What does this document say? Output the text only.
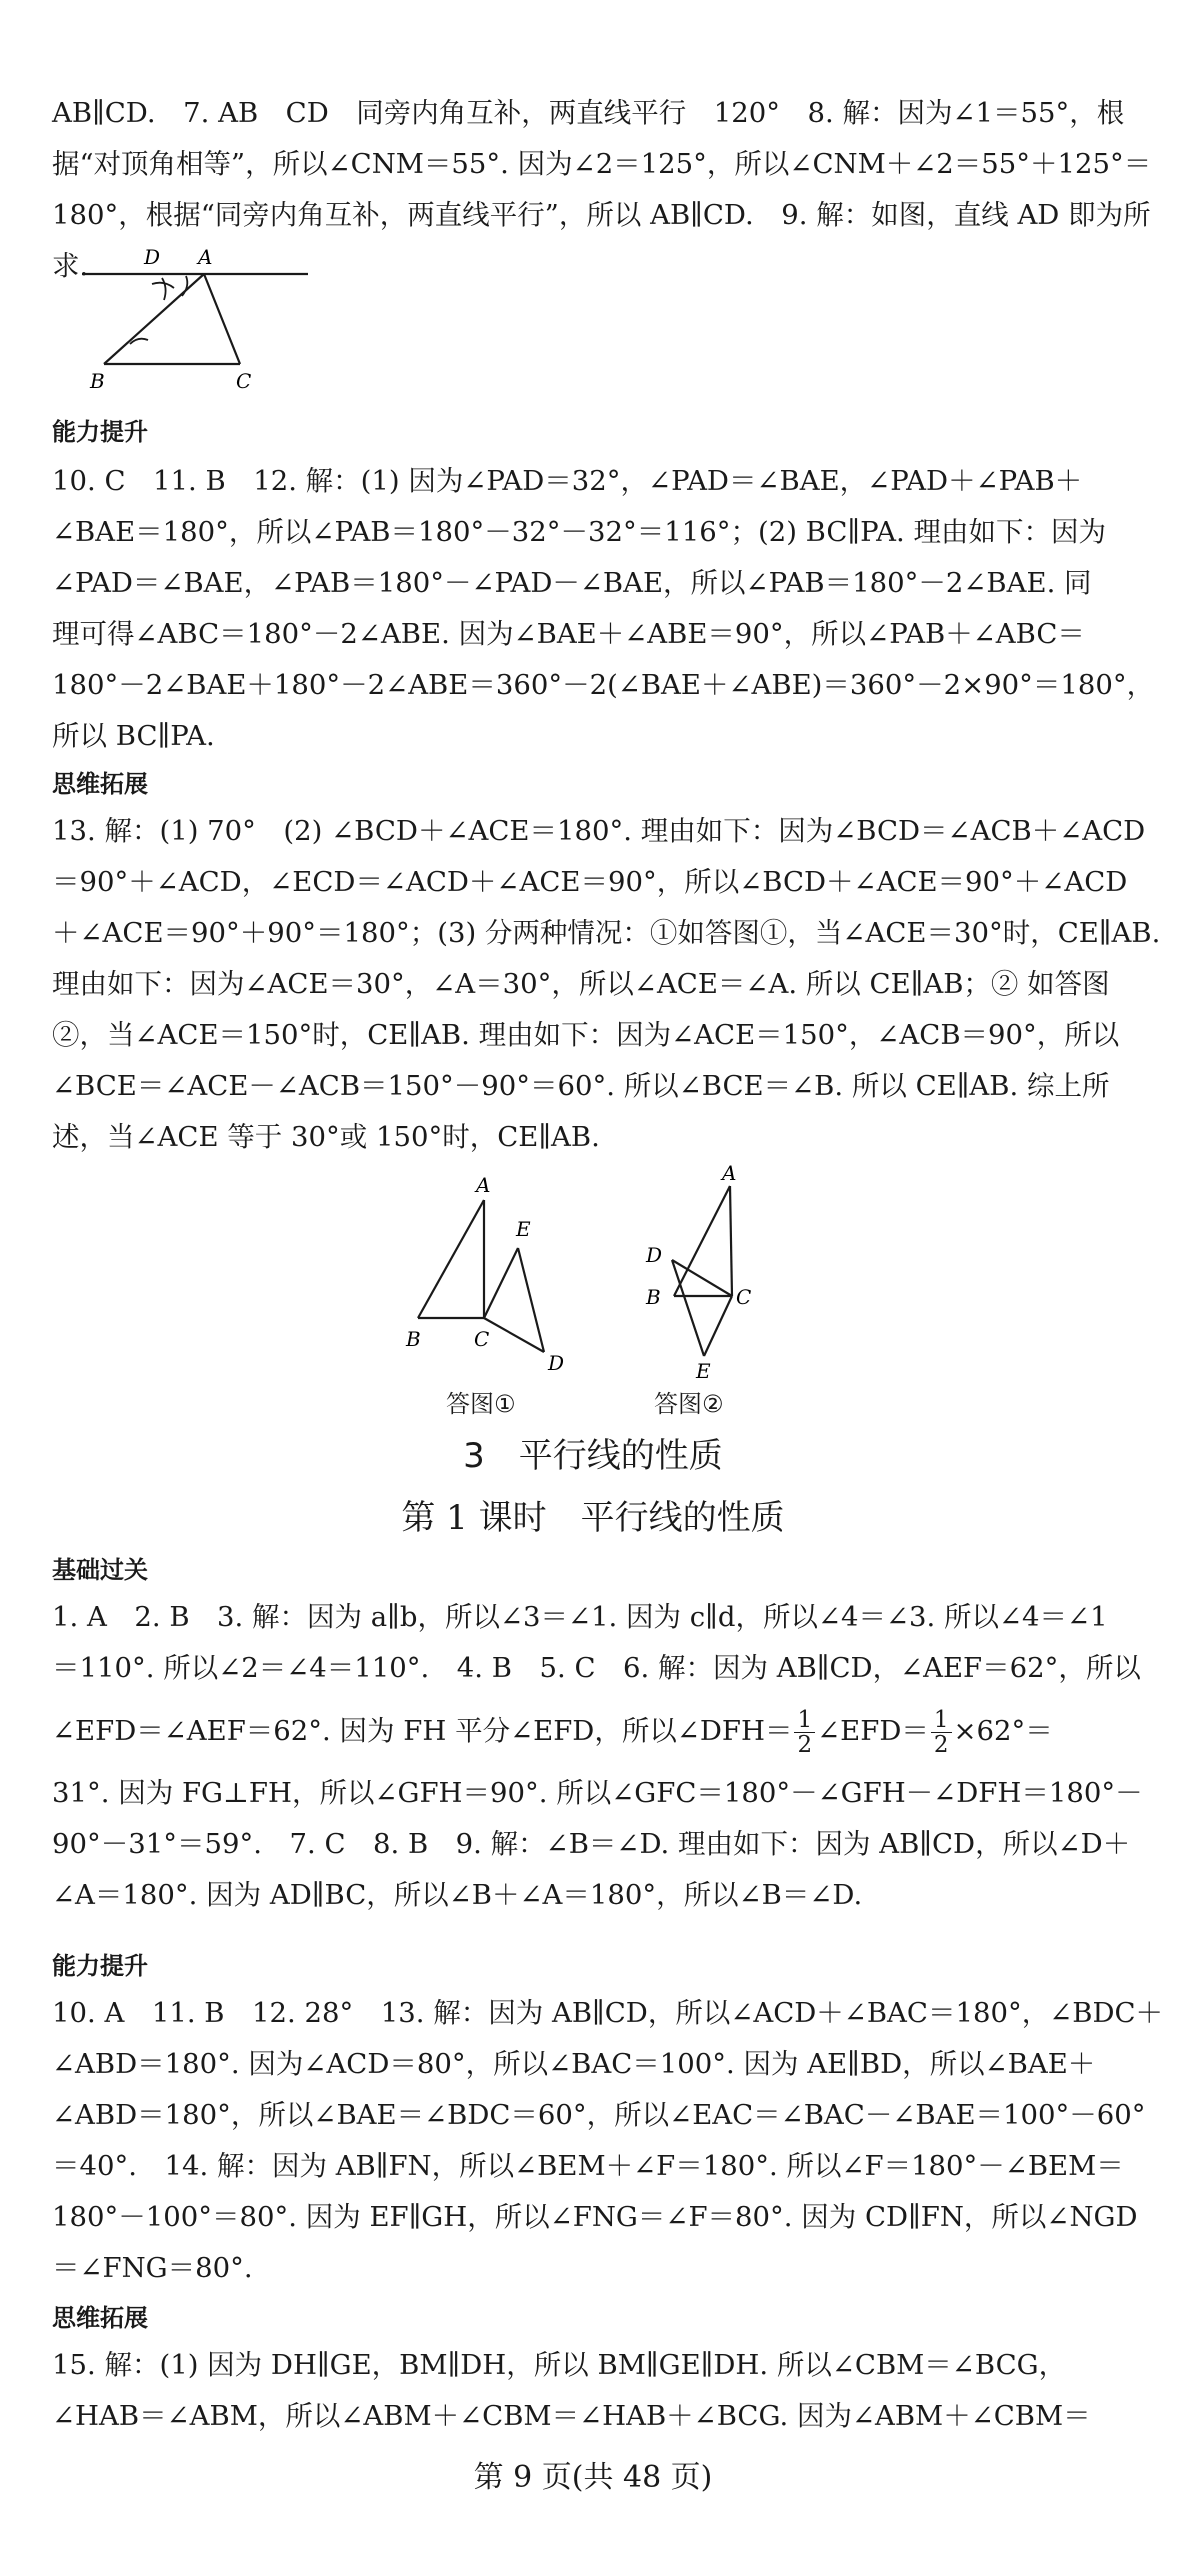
AB∥CD.　7. AB　CD　同旁内角互补，两直线平行　120°　8. 解：因为∠1＝55°，根
据“对顶角相等”，所以∠CNM＝55°. 因为∠2＝125°，所以∠CNM＋∠2＝55°＋125°＝
180°，根据“同旁内角互补，两直线平行”，所以 AB∥CD.　9. 解：如图，直线 AD 即为所
求.	D A
B	C
能力提升
10. C　11. B　12. 解：(1) 因为∠PAD＝32°，∠PAD＝∠BAE，∠PAD＋∠PAB＋
∠BAE＝180°，所以∠PAB＝180°－32°－32°＝116°；(2) BC∥PA. 理由如下：因为
∠PAD＝∠BAE，∠PAB＝180°－∠PAD－∠BAE，所以∠PAB＝180°－2∠BAE. 同
理可得∠ABC＝180°－2∠ABE. 因为∠BAE＋∠ABE＝90°，所以∠PAB＋∠ABC＝
180°－2∠BAE＋180°－2∠ABE＝360°－2(∠BAE＋∠ABE)＝360°－2×90°＝180°，
所以 BC∥PA.
思维拓展
13. 解：(1) 70°　(2) ∠BCD＋∠ACE＝180°. 理由如下：因为∠BCD＝∠ACB＋∠ACD
＝90°＋∠ACD，∠ECD＝∠ACD＋∠ACE＝90°，所以∠BCD＋∠ACE＝90°＋∠ACD
＋∠ACE＝90°＋90°＝180°；(3) 分两种情况：①如答图①，当∠ACE＝30°时，CE∥AB.
理由如下：因为∠ACE＝30°，∠A＝30°，所以∠ACE＝∠A. 所以 CE∥AB；② 如答图
②，当∠ACE＝150°时，CE∥AB. 理由如下：因为∠ACE＝150°，∠ACB＝90°，所以
∠BCE＝∠ACE－∠ACB＝150°－90°＝60°. 所以∠BCE＝∠B. 所以 CE∥AB. 综上所
述，当∠ACE 等于 30°或 150°时，CE∥AB.
A
E
B	C
D
答图①
A
D
B	C
E
答图②
3　平行线的性质
第 1 课时　平行线的性质
基础过关
1. A　2. B　3. 解：因为 a∥b，所以∠3＝∠1. 因为 c∥d，所以∠4＝∠3. 所以∠4＝∠1
＝110°. 所以∠2＝∠4＝110°.　4. B　5. C　6. 解：因为 AB∥CD，∠AEF＝62°，所以
∠EFD＝∠AEF＝62°. 因为 FH 平分∠EFD，所以∠DFH＝ $\frac{1}{2}$ ∠EFD＝ $\frac{1}{2} \times 62^\circ=$
31°. 因为 FG⊥FH，所以∠GFH＝90°. 所以∠GFC＝180°－∠GFH－∠DFH＝180°－
90°－31°＝59°.　7. C　8. B　9. 解：∠B＝∠D. 理由如下：因为 AB∥CD，所以∠D＋
∠A＝180°. 因为 AD∥BC，所以∠B＋∠A＝180°，所以∠B＝∠D.
能力提升
10. A　11. B　12. 28°　13. 解：因为 AB∥CD，所以∠ACD＋∠BAC＝180°，∠BDC＋
∠ABD＝180°. 因为∠ACD＝80°，所以∠BAC＝100°. 因为 AE∥BD，所以∠BAE＋
∠ABD＝180°，所以∠BAE＝∠BDC＝60°，所以∠EAC＝∠BAC－∠BAE＝100°－60°
＝40°.　14. 解：因为 AB∥FN，所以∠BEM＋∠F＝180°. 所以∠F＝180°－∠BEM＝
180°－100°＝80°. 因为 EF∥GH，所以∠FNG＝∠F＝80°. 因为 CD∥FN，所以∠NGD
＝∠FNG＝80°.
思维拓展
15. 解：(1) 因为 DH∥GE，BM∥DH，所以 BM∥GE∥DH. 所以∠CBM＝∠BCG，
∠HAB＝∠ABM，所以∠ABM＋∠CBM＝∠HAB＋∠BCG. 因为∠ABM＋∠CBM＝
第 9 页(共 48 页)
